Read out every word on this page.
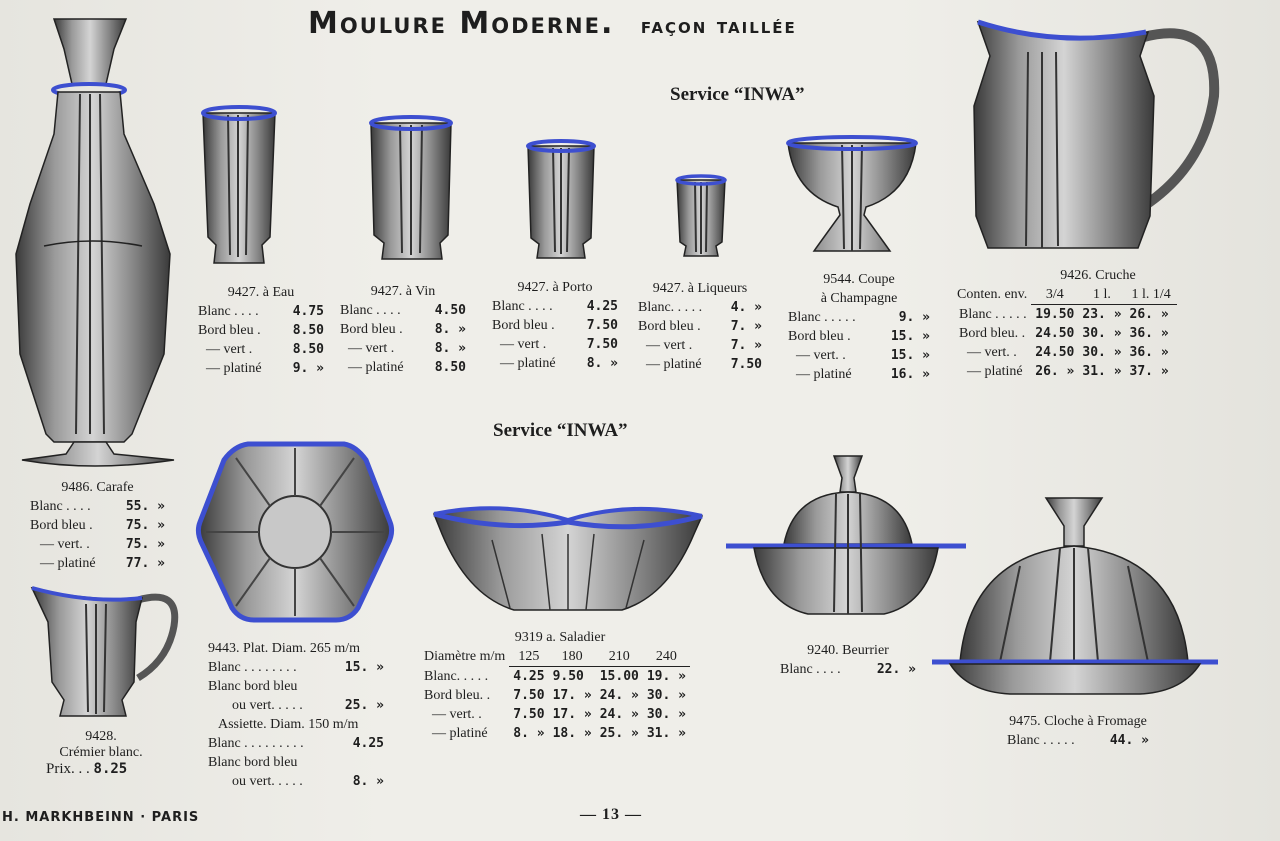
Moulure Moderne. façon taillée
Service “INWA”
Service “INWA”
9486. Carafe
Blanc . . . .	55. »
Bord bleu .	75. »
— vert. .	75. »
— platiné 77. »
9427. à Eau
Blanc . . . .	4.75
Bord bleu . 8.50
— vert .	8.50
— platiné 9. »
9427. à Vin
Blanc . . . .	4.50
Bord bleu . 8. »
— vert .	8. »
— platiné 8.50
9427. à Porto
Blanc . . . .	4.25
Bord bleu . 7.50
— vert .	7.50
— platiné 8. »
9427. à Liqueurs
Blanc. . . . . 4. »
Bord bleu . 7. »
— vert .	7. »
— platiné 7.50
9544. Coupe
à Champagne
Blanc . . . . .	9. »
Bord bleu .	15. »
— vert. .	15. »
— platiné	16. »
9426. Cruche
Conten. env.	3/4	1 l.	1 l. 1/4
Blanc . . . . .	19.50	23. »	26. »
Bord bleu. .	24.50	30. »	36. »
— vert. .	24.50	30. »	36. »
— platiné	26. »	31. »	37. »
9428.
Crémier blanc.
Prix. . . 8.25
9443. Plat. Diam. 265 m/m
Blanc . . . . . . . .	15. »
Blanc bord bleu
ou vert. . . . .	25. »
Assiette. Diam. 150 m/m
Blanc . . . . . . . . .	4.25
Blanc bord bleu
ou vert. . . . .	8. »
9319 a. Saladier
Diamètre m/m	125	180	210	240
Blanc. . . . .	4.25	9.50	15.00	19. »
Bord bleu. .	7.50	17. »	24. »	30. »
— vert. .	7.50	17. »	24. »	30. »
— platiné	8. »	18. »	25. »	31. »
9240. Beurrier
Blanc . . . .	22. »
9475. Cloche à Fromage
Blanc . . . . .	44. »
H. MARKHBEINN · PARIS	— 13 —
